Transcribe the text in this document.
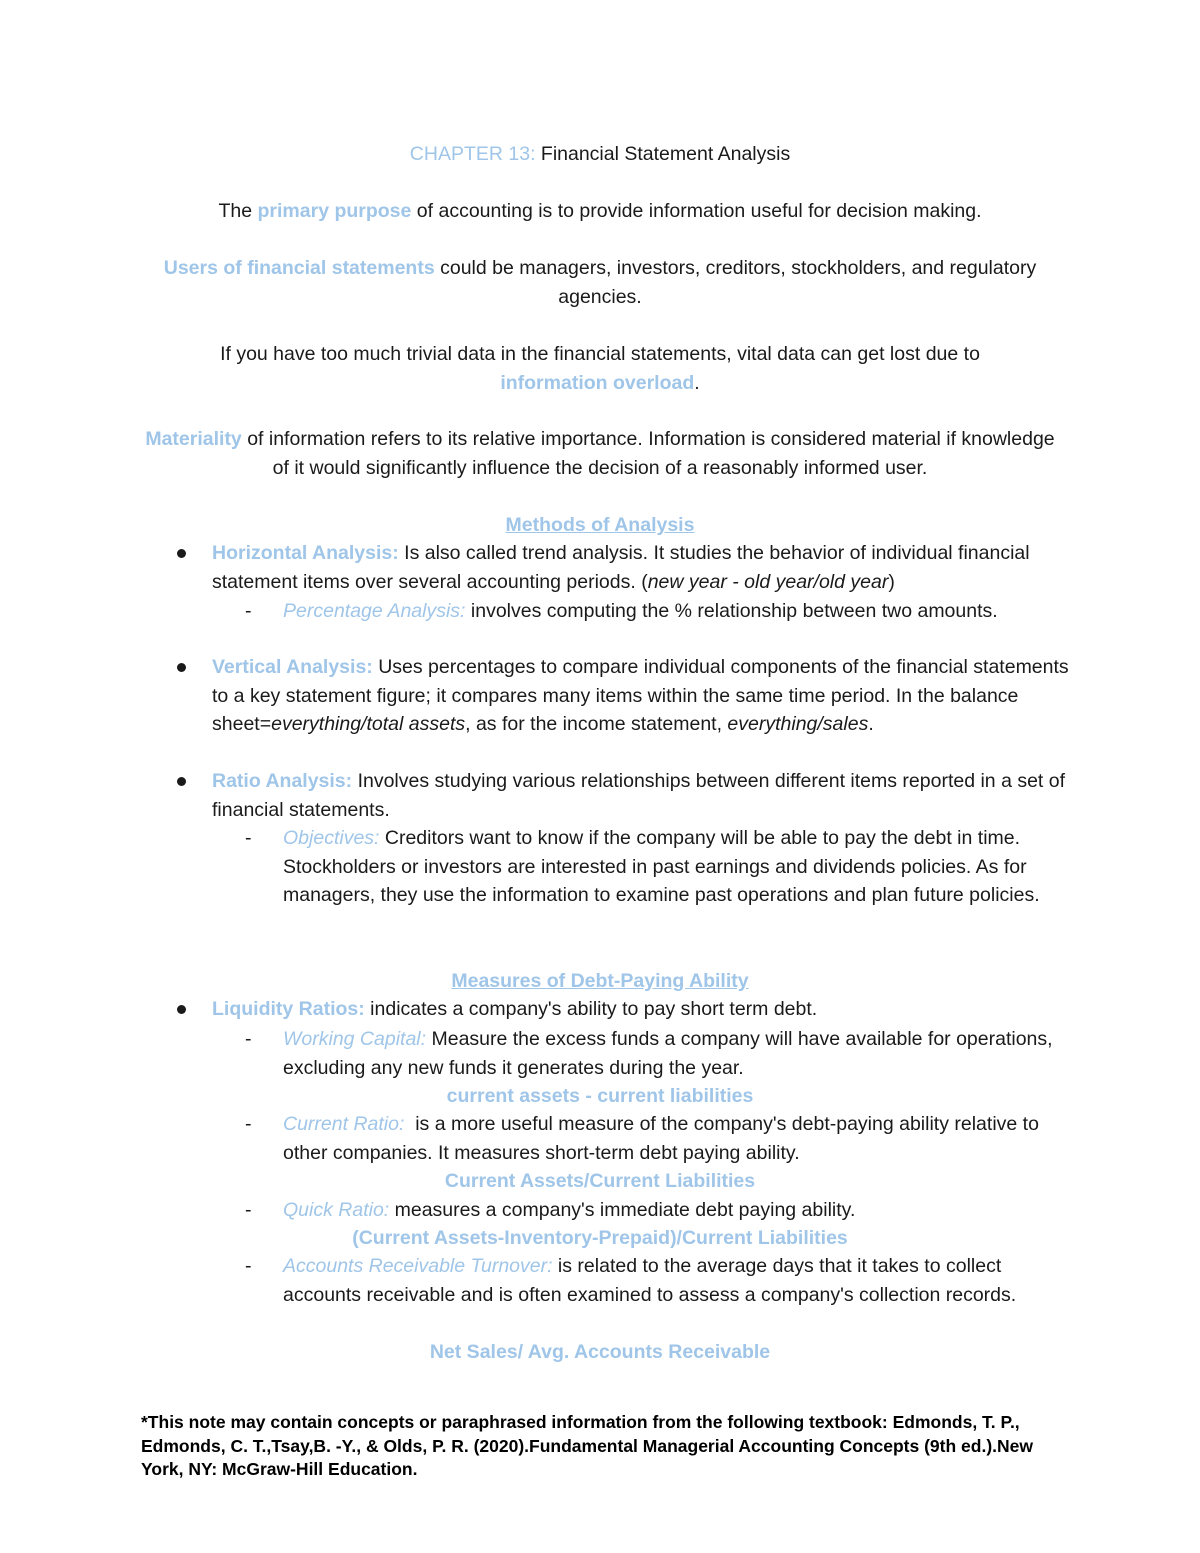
CHAPTER 13: Financial Statement Analysis

The primary purpose of accounting is to provide information useful for decision making.

Users of financial statements could be managers, investors, creditors, stockholders, and regulatory agencies.

If you have too much trivial data in the financial statements, vital data can get lost due to information overload.

Materiality of information refers to its relative importance. Information is considered material if knowledge of it would significantly influence the decision of a reasonably informed user.

Methods of Analysis

Horizontal Analysis: Is also called trend analysis. It studies the behavior of individual financial statement items over several accounting periods. (new year - old year/old year)
- Percentage Analysis: involves computing the % relationship between two amounts.
Vertical Analysis: Uses percentages to compare individual components of the financial statements to a key statement figure; it compares many items within the same time period. In the balance sheet=everything/total assets, as for the income statement, everything/sales.
Ratio Analysis: Involves studying various relationships between different items reported in a set of financial statements.
- Objectives: Creditors want to know if the company will be able to pay the debt in time. Stockholders or investors are interested in past earnings and dividends policies. As for managers, they use the information to examine past operations and plan future policies.

Measures of Debt-Paying Ability

Liquidity Ratios: indicates a company's ability to pay short term debt.
- Working Capital: Measure the excess funds a company will have available for operations, excluding any new funds it generates during the year.
current assets - current liabilities
- Current Ratio:  is a more useful measure of the company's debt-paying ability relative to other companies. It measures short-term debt paying ability.
Current Assets/Current Liabilities
- Quick Ratio: measures a company's immediate debt paying ability.
(Current Assets-Inventory-Prepaid)/Current Liabilities
- Accounts Receivable Turnover: is related to the average days that it takes to collect accounts receivable and is often examined to assess a company's collection records.
Net Sales/ Avg. Accounts Receivable
*This note may contain concepts or paraphrased information from the following textbook: Edmonds, T. P., Edmonds, C. T.,Tsay,B. -Y., & Olds, P. R. (2020).Fundamental Managerial Accounting Concepts (9th ed.).New York, NY: McGraw-Hill Education.
